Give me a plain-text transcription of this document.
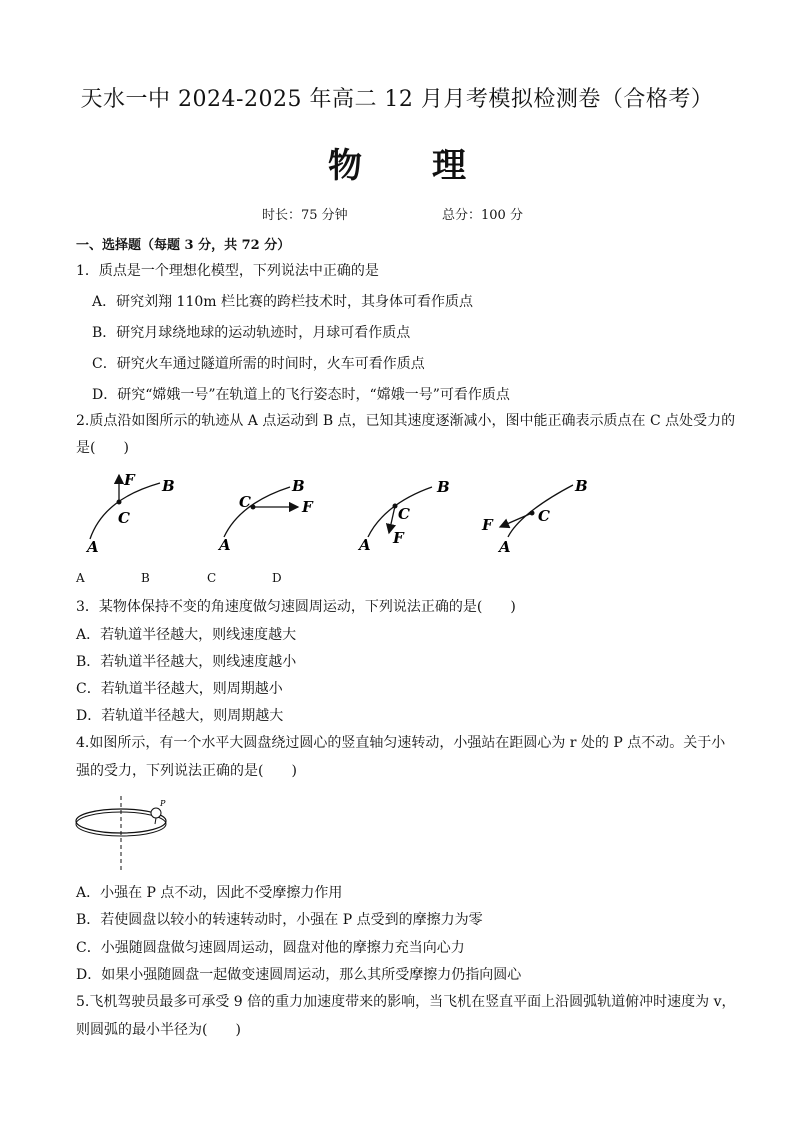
天水一中 2024-2025 年高二 12 月月考模拟检测卷（合格考）
物理
时长：75 分钟	总分：100 分
一、选择题（每题 3 分，共 72 分）
1．质点是一个理想化模型，下列说法中正确的是
A．研究刘翔 110m 栏比赛的跨栏技术时，其身体可看作质点
B．研究月球绕地球的运动轨迹时，月球可看作质点
C．研究火车通过隧道所需的时间时，火车可看作质点
D．研究“嫦娥一号”在轨道上的飞行姿态时，“嫦娥一号”可看作质点
2.质点沿如图所示的轨迹从 A 点运动到 B 点，已知其速度逐渐减小，图中能正确表示质点在 C 点处受力的
是(　　)
F B
C
A
C
B
F
A
C
B
F
A
C
B
F
A
A	B	C	D
3．某物体保持不变的角速度做匀速圆周运动，下列说法正确的是(　　)
A．若轨道半径越大，则线速度越大
B．若轨道半径越大，则线速度越小
C．若轨道半径越大，则周期越小
D．若轨道半径越大，则周期越大
4.如图所示，有一个水平大圆盘绕过圆心的竖直轴匀速转动，小强站在距圆心为 r 处的 P 点不动。关于小
强的受力，下列说法正确的是(　　)
P
A．小强在 P 点不动，因此不受摩擦力作用
B．若使圆盘以较小的转速转动时，小强在 P 点受到的摩擦力为零
C．小强随圆盘做匀速圆周运动，圆盘对他的摩擦力充当向心力
D．如果小强随圆盘一起做变速圆周运动，那么其所受摩擦力仍指向圆心
5.飞机驾驶员最多可承受 9 倍的重力加速度带来的影响，当飞机在竖直平面上沿圆弧轨道俯冲时速度为 v，
则圆弧的最小半径为(　　)
